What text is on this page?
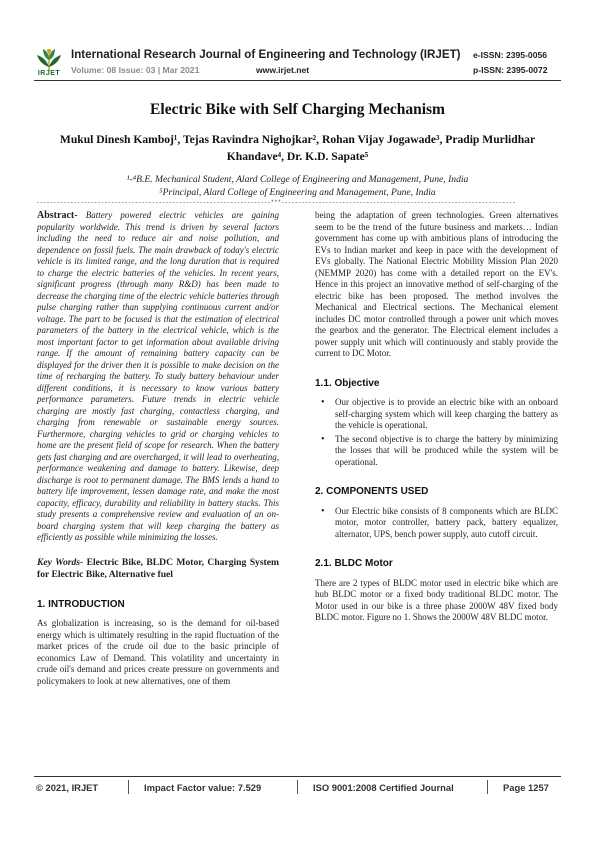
IRJET
International Research Journal of Engineering and Technology (IRJET)
Volume: 08 Issue: 03 | Mar 2021	www.irjet.net
e-ISSN: 2395-0056
p-ISSN: 2395-0072
Electric Bike with Self Charging Mechanism
Mukul Dinesh Kamboj¹, Tejas Ravindra Nighojkar², Rohan Vijay Jogawade³, Pradip Murlidhar Khandave⁴, Dr. K.D. Sapate⁵
¹‑⁴B.E. Mechanical Student, Alard College of Engineering and Management, Pune, India
⁵Principal, Alard College of Engineering and Management, Pune, India
---------------------------------------------------------------------***---------------------------------------------------------------------

Abstract- Battery powered electric vehicles are gaining popularity worldwide. This trend is driven by several factors including the need to reduce air and noise pollution, and dependence on fossil fuels. The main drawback of today's electric vehicle is its limited range, and the long duration that is required to charge the electric batteries of the vehicles. In recent years, significant progress (through many R&D) has been made to decrease the charging time of the electric vehicle batteries through pulse charging rather than supplying continuous current and/or voltage. The part to be focused is that the estimation of electrical parameters of the battery in the electrical vehicle, which is the most important factor to get information about available driving range. If the amount of remaining battery capacity can be displayed for the driver then it is possible to make decision on the time of recharging the battery. To study battery behaviour under different conditions, it is necessary to know various battery performance parameters. Future trends in electric vehicle charging are mostly fast charging, contactless charging, and charging from renewable or sustainable energy sources. Furthermore, charging vehicles to grid or charging vehicles to home are the present field of scope for research. When the battery gets fast charging and are overcharged, it will lead to overheating, performance weakening and damage to battery. Likewise, deep discharge is root to permanent damage. The BMS lends a hand to battery life improvement, lessen damage rate, and make the most capacity, efficacy, durability and reliability in battery stacks. This study presents a comprehensive review and evaluation of an on-board charging system that will keep charging the battery as efficiently as possible while minimizing the losses.

Key Words- Electric Bike, BLDC Motor, Charging System for Electric Bike, Alternative fuel

1. INTRODUCTION

As globalization is increasing, so is the demand for oil-based energy which is ultimately resulting in the rapid fluctuation of the market prices of the crude oil due to the basic principle of economics Law of Demand. This volatility and uncertainty in crude oil's demand and prices create pressure on governments and policymakers to look at new alternatives, one of them

being the adaptation of green technologies. Green alternatives seem to be the trend of the future business and markets… Indian government has come up with ambitious plans of introducing the EVs to Indian market and keep in pace with the development of EVs globally. The National Electric Mobility Mission Plan 2020 (NEMMP 2020) has come with a detailed report on the EV's. Hence in this project an innovative method of self-charging of the electric bike has been proposed. The method involves the Mechanical and Electrical sections. The Mechanical element includes DC motor controlled through a power unit which moves the gearbox and the generator. The Electrical element includes a power supply unit which will continuously and stably provide the current to DC Motor.

1.1. Objective
• Our objective is to provide an electric bike with an onboard self-charging system which will keep charging the battery as the vehicle is operational.
• The second objective is to charge the battery by minimizing the losses that will be produced while the system will be operational.
2. COMPONENTS USED
• Our Electric bike consists of 8 components which are BLDC motor, motor controller, battery pack, battery equalizer, alternator, UPS, bench power supply, auto cutoff circuit.
2.1. BLDC Motor

There are 2 types of BLDC motor used in electric bike which are hub BLDC motor or a fixed body traditional BLDC motor. The Motor used in our bike is a three phase 2000W 48V fixed body BLDC motor. Figure no 1. Shows the 2000W 48V BLDC motor.

© 2021, IRJET	Impact Factor value: 7.529	ISO 9001:2008 Certified Journal	Page 1257
